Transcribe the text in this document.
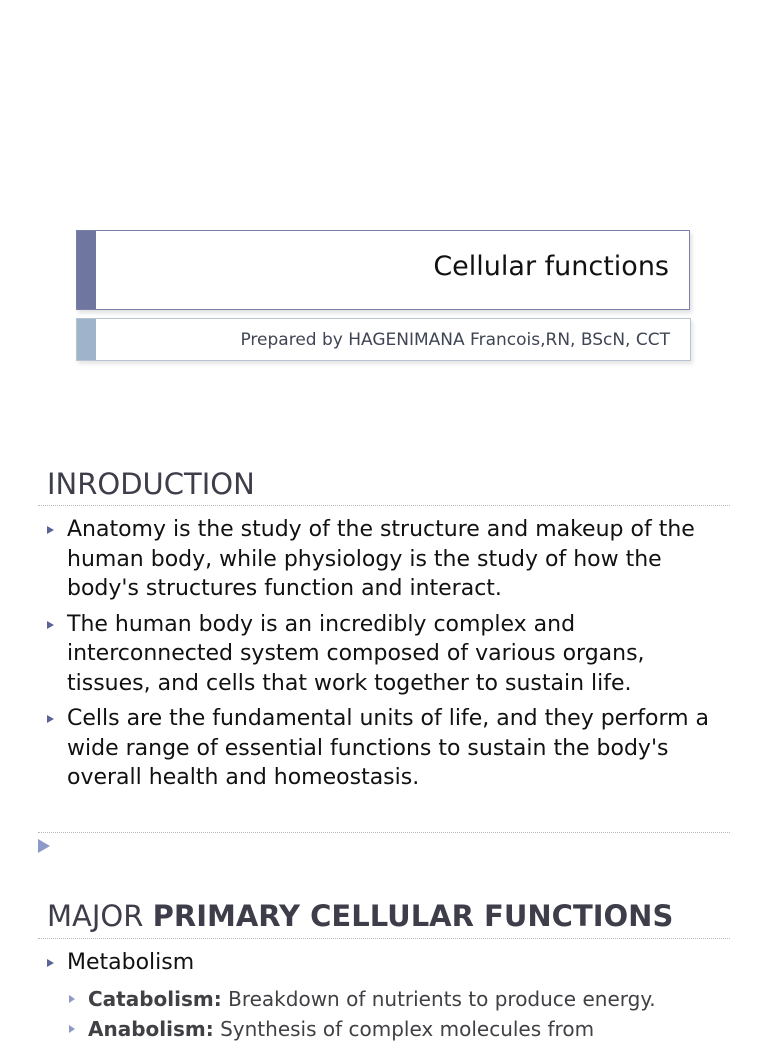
Cellular functions
Prepared by HAGENIMANA Francois,RN, BScN, CCT
INRODUCTION
Anatomy is the study of the structure and makeup of the human body, while physiology is the study of how the body's structures function and interact.
The human body is an incredibly complex and interconnected system composed of various organs, tissues, and cells that work together to sustain life.
Cells are the fundamental units of life, and they perform a wide range of essential functions to sustain the body's overall health and homeostasis.
MAJOR PRIMARY CELLULAR FUNCTIONS
Metabolism
Catabolism: Breakdown of nutrients to produce energy.
Anabolism: Synthesis of complex molecules from
